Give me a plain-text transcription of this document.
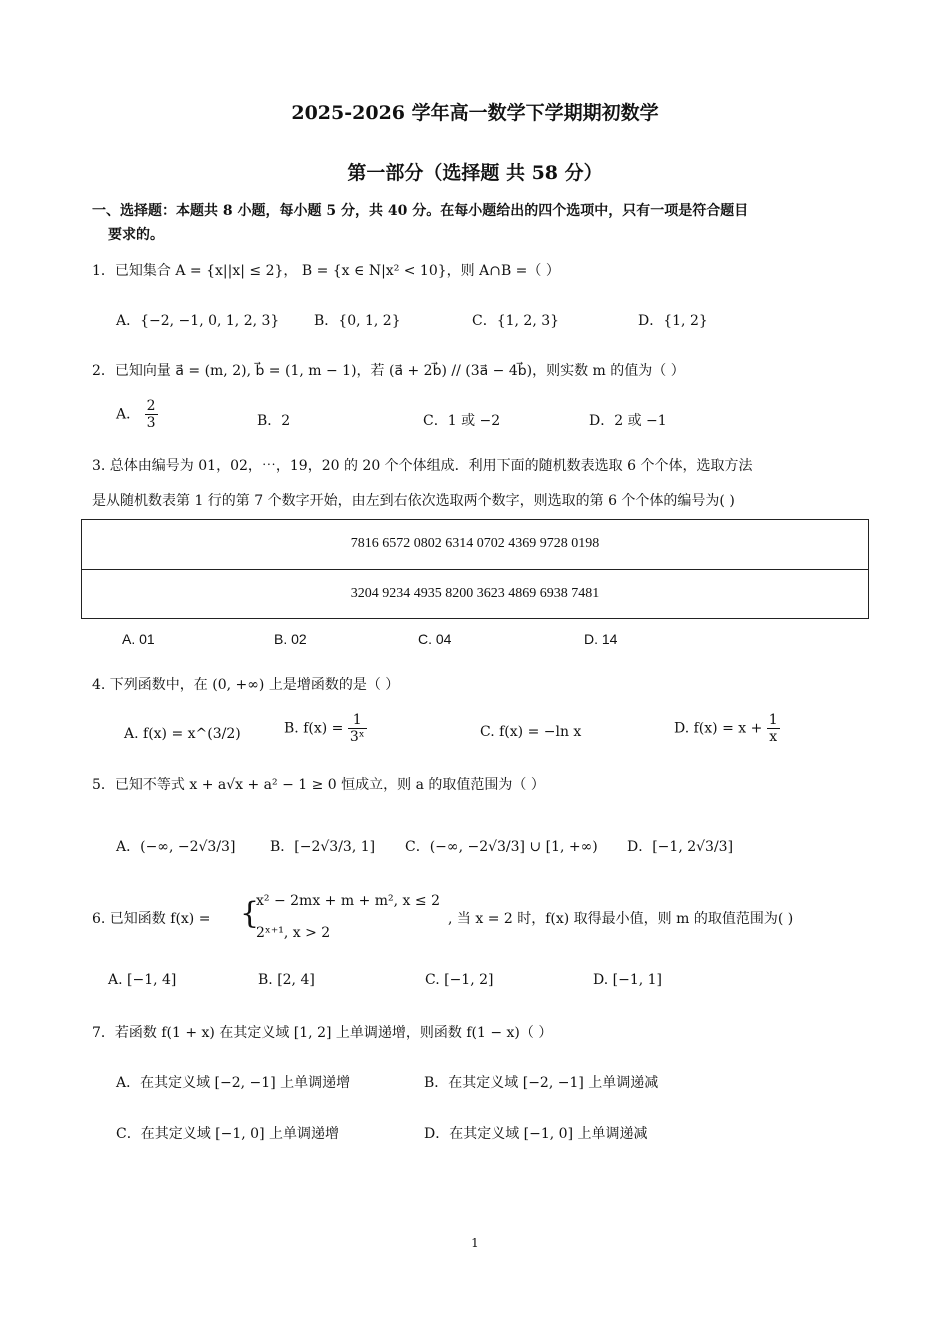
2025-2026 学年高一数学下学期期初数学
第一部分（选择题 共 58 分）
一、选择题：本题共 8 小题，每小题 5 分，共 40 分。在每小题给出的四个选项中，只有一项是符合题目
要求的。
1．已知集合 A = {x||x| ≤ 2}， B = {x ∈ N|x² < 10}，则 A∩B =（ ）
A．{−2, −1, 0, 1, 2, 3} B．{0, 1, 2}	C．{1, 2, 3}	D．{1, 2}
2．已知向量 a⃗ = (m, 2), b⃗ = (1, m − 1)，若 (a⃗ + 2b⃗) // (3a⃗ − 4b⃗)，则实数 m 的值为（ ）
A． $\frac{2}{3}$	B．2	C．1 或 −2	D．2 或 −1
3. 总体由编号为 01，02，⋯，19，20 的 20 个个体组成．利用下面的随机数表选取 6 个个体，选取方法
是从随机数表第 1 行的第 7 个数字开始，由左到右依次选取两个数字，则选取的第 6 个个体的编号为( )
7816 6572 0802 6314 0702 4369 9728 0198
3204 9234 4935 8200 3623 4869 6938 7481
A. 01	B. 02	C. 04	D. 14
4. 下列函数中，在 (0, +∞) 上是增函数的是（ ）
A. f(x) = x^(3/2)	B. $f(x) = \frac{1}{\text{3ˣ}}$	C. f(x) = −ln x	D. $f(x) = x + \frac{1}{x}$
5．已知不等式 x + a√x + a² − 1 ≥ 0 恒成立，则 a 的取值范围为（ ）
A．(−∞, −2√3/3] B．[−2√3/3, 1] C．(−∞, −2√3/3] ∪ [1, +∞) D．[−1, 2√3/3]
6. 已知函数 f(x) = {
x² − 2mx + m + m², x ≤ 2
2ˣ⁺¹, x > 2
, 当 x = 2 时，f(x) 取得最小值，则 m 的取值范围为( )
A. [−1, 4]	B. [2, 4]	C. [−1, 2]	D. [−1, 1]
7．若函数 f(1 + x) 在其定义域 [1, 2] 上单调递增，则函数 f(1 − x)（ ）
A．在其定义域 [−2, −1] 上单调递增	B．在其定义域 [−2, −1] 上单调递减
C．在其定义域 [−1, 0] 上单调递增	D．在其定义域 [−1, 0] 上单调递减
1
